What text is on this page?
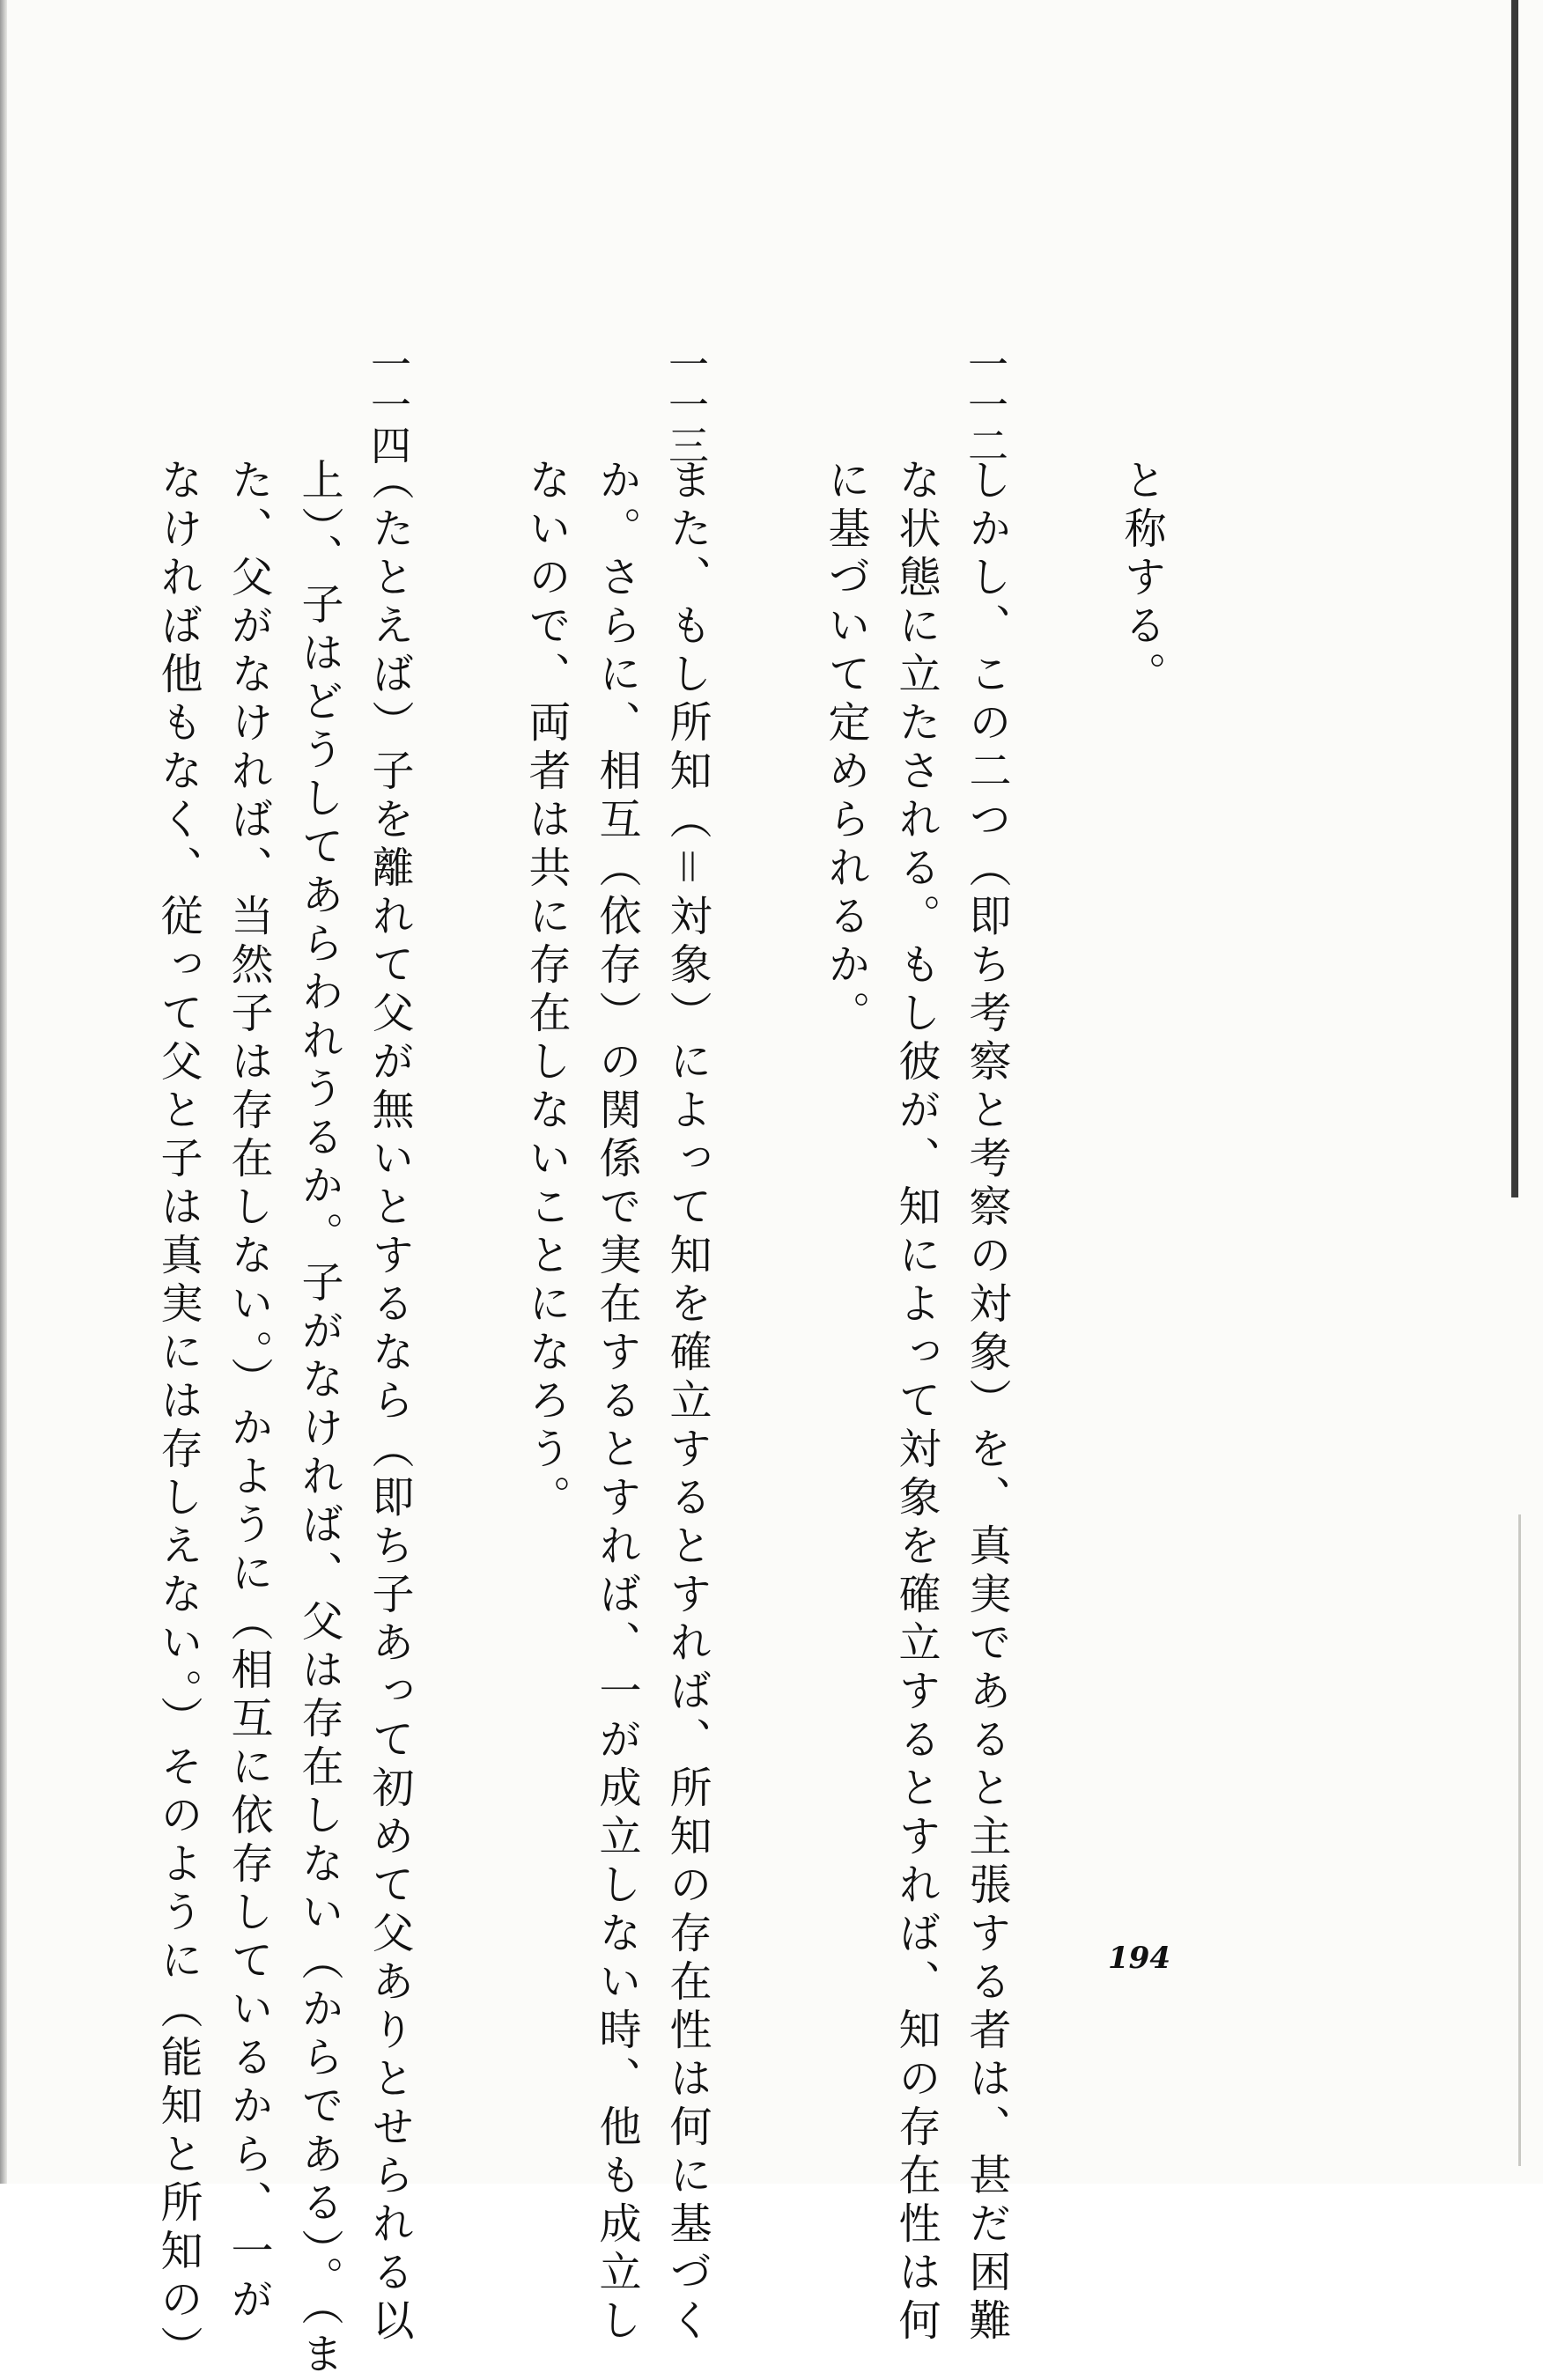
と称する。

一一二

しかし、この二つ（即ち考察と考察の対象）を、真実であると主張する者は、甚だ困難

な状態に立たされる。もし彼が、知によって対象を確立するとすれば、知の存在性は何

に基づいて定められるか。

一一三

また、もし所知（＝対象）によって知を確立するとすれば、所知の存在性は何に基づく

か。さらに、相互（依存）の関係で実在するとすれば、一が成立しない時、他も成立し

ないので、両者は共に存在しないことになろう。

一一四

（たとえば）子を離れて父が無いとするなら（即ち子あって初めて父ありとせられる以

上）、子はどうしてあらわれうるか。子がなければ、父は存在しない（からである）。（ま

た、父がなければ、当然子は存在しない。）かように（相互に依存しているから、一が

なければ他もなく、従って父と子は真実には存しえない。）そのように（能知と所知の）	194
